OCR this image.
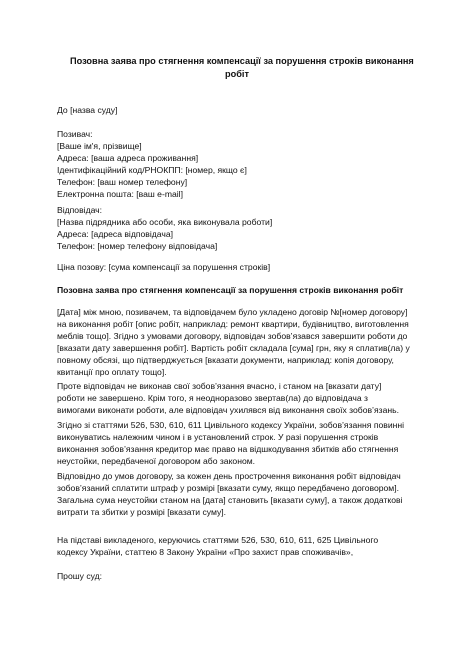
Позовна заява про стягнення компенсації за порушення строків виконання
робіт
До [назва суду]
Позивач:
[Ваше ім'я, прізвище]
Адреса: [ваша адреса проживання]
Ідентифікаційний код/РНОКПП: [номер, якщо є]
Телефон: [ваш номер телефону]
Електронна пошта: [ваш e-mail]
Відповідач:
[Назва підрядника або особи, яка виконувала роботи]
Адреса: [адреса відповідача]
Телефон: [номер телефону відповідача]
Ціна позову: [сума компенсації за порушення строків]
Позовна заява про стягнення компенсації за порушення строків виконання робіт
[Дата] між мною, позивачем, та відповідачем було укладено договір №[номер договору]
на виконання робіт [опис робіт, наприклад: ремонт квартири, будівництво, виготовлення
меблів тощо]. Згідно з умовами договору, відповідач зобов’язався завершити роботи до
[вказати дату завершення робіт]. Вартість робіт складала [сума] грн, яку я сплатив(ла) у
повному обсязі, що підтверджується [вказати документи, наприклад: копія договору,
квитанції про оплату тощо].
Проте відповідач не виконав свої зобов’язання вчасно, і станом на [вказати дату]
роботи не завершено. Крім того, я неодноразово звертав(ла) до відповідача з
вимогами виконати роботи, але відповідач ухилявся від виконання своїх зобов’язань.
Згідно зі статтями 526, 530, 610, 611 Цивільного кодексу України, зобов’язання повинні
виконуватись належним чином і в установлений строк. У разі порушення строків
виконання зобов’язання кредитор має право на відшкодування збитків або стягнення
неустойки, передбаченої договором або законом.
Відповідно до умов договору, за кожен день прострочення виконання робіт відповідач
зобов’язаний сплатити штраф у розмірі [вказати суму, якщо передбачено договором].
Загальна сума неустойки станом на [дата] становить [вказати суму], а також додаткові
витрати та збитки у розмірі [вказати суму].
На підставі викладеного, керуючись статтями 526, 530, 610, 611, 625 Цивільного
кодексу України, статтею 8 Закону України «Про захист прав споживачів»,
Прошу суд:
